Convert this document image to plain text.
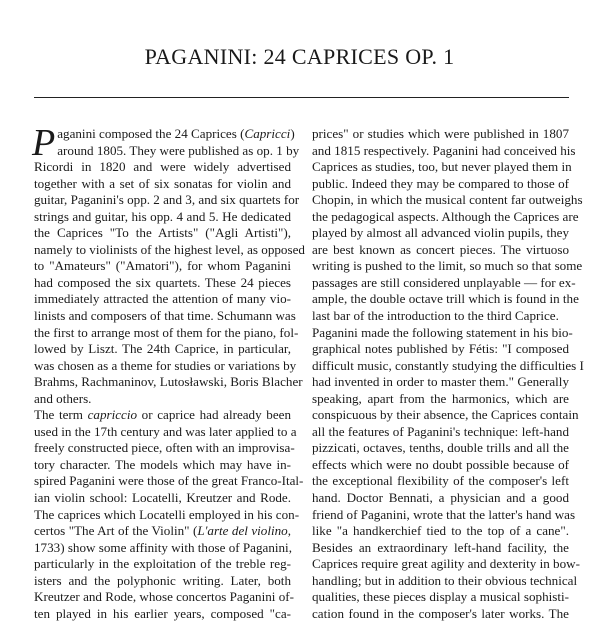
PAGANINI: 24 CAPRICES OP. 1
P aganini composed the 24 Caprices (Capricci)
around 1805. They were published as op. 1 by
Ricordi in 1820 and were widely advertised
together with a set of six sonatas for violin and
guitar, Paganini's opp. 2 and 3, and six quartets for
strings and guitar, his opp. 4 and 5. He dedicated
the Caprices "To the Artists" ("Agli Artisti"),
namely to violinists of the highest level, as opposed
to "Amateurs" ("Amatori"), for whom Paganini
had composed the six quartets. These 24 pieces
immediately attracted the attention of many vio-
linists and composers of that time. Schumann was
the first to arrange most of them for the piano, fol-
lowed by Liszt. The 24th Caprice, in particular,
was chosen as a theme for studies or variations by
Brahms, Rachmaninov, Lutosławski, Boris Blacher
and others.
The term capriccio or caprice had already been
used in the 17th century and was later applied to a
freely constructed piece, often with an improvisa-
tory character. The models which may have in-
spired Paganini were those of the great Franco-Ital-
ian violin school: Locatelli, Kreutzer and Rode.
The caprices which Locatelli employed in his con-
certos "The Art of the Violin" (L'arte del violino,
1733) show some affinity with those of Paganini,
particularly in the exploitation of the treble reg-
isters and the polyphonic writing. Later, both
Kreutzer and Rode, whose concertos Paganini of-
ten played in his earlier years, composed "ca-
prices" or studies which were published in 1807
and 1815 respectively. Paganini had conceived his
Caprices as studies, too, but never played them in
public. Indeed they may be compared to those of
Chopin, in which the musical content far outweighs
the pedagogical aspects. Although the Caprices are
played by almost all advanced violin pupils, they
are best known as concert pieces. The virtuoso
writing is pushed to the limit, so much so that some
passages are still considered unplayable — for ex-
ample, the double octave trill which is found in the
last bar of the introduction to the third Caprice.
Paganini made the following statement in his bio-
graphical notes published by Fétis: "I composed
difficult music, constantly studying the difficulties I
had invented in order to master them." Generally
speaking, apart from the harmonics, which are
conspicuous by their absence, the Caprices contain
all the features of Paganini's technique: left-hand
pizzicati, octaves, tenths, double trills and all the
effects which were no doubt possible because of
the exceptional flexibility of the composer's left
hand. Doctor Bennati, a physician and a good
friend of Paganini, wrote that the latter's hand was
like "a handkerchief tied to the top of a cane".
Besides an extraordinary left-hand facility, the
Caprices require great agility and dexterity in bow-
handling; but in addition to their obvious technical
qualities, these pieces display a musical sophisti-
cation found in the composer's later works. The
